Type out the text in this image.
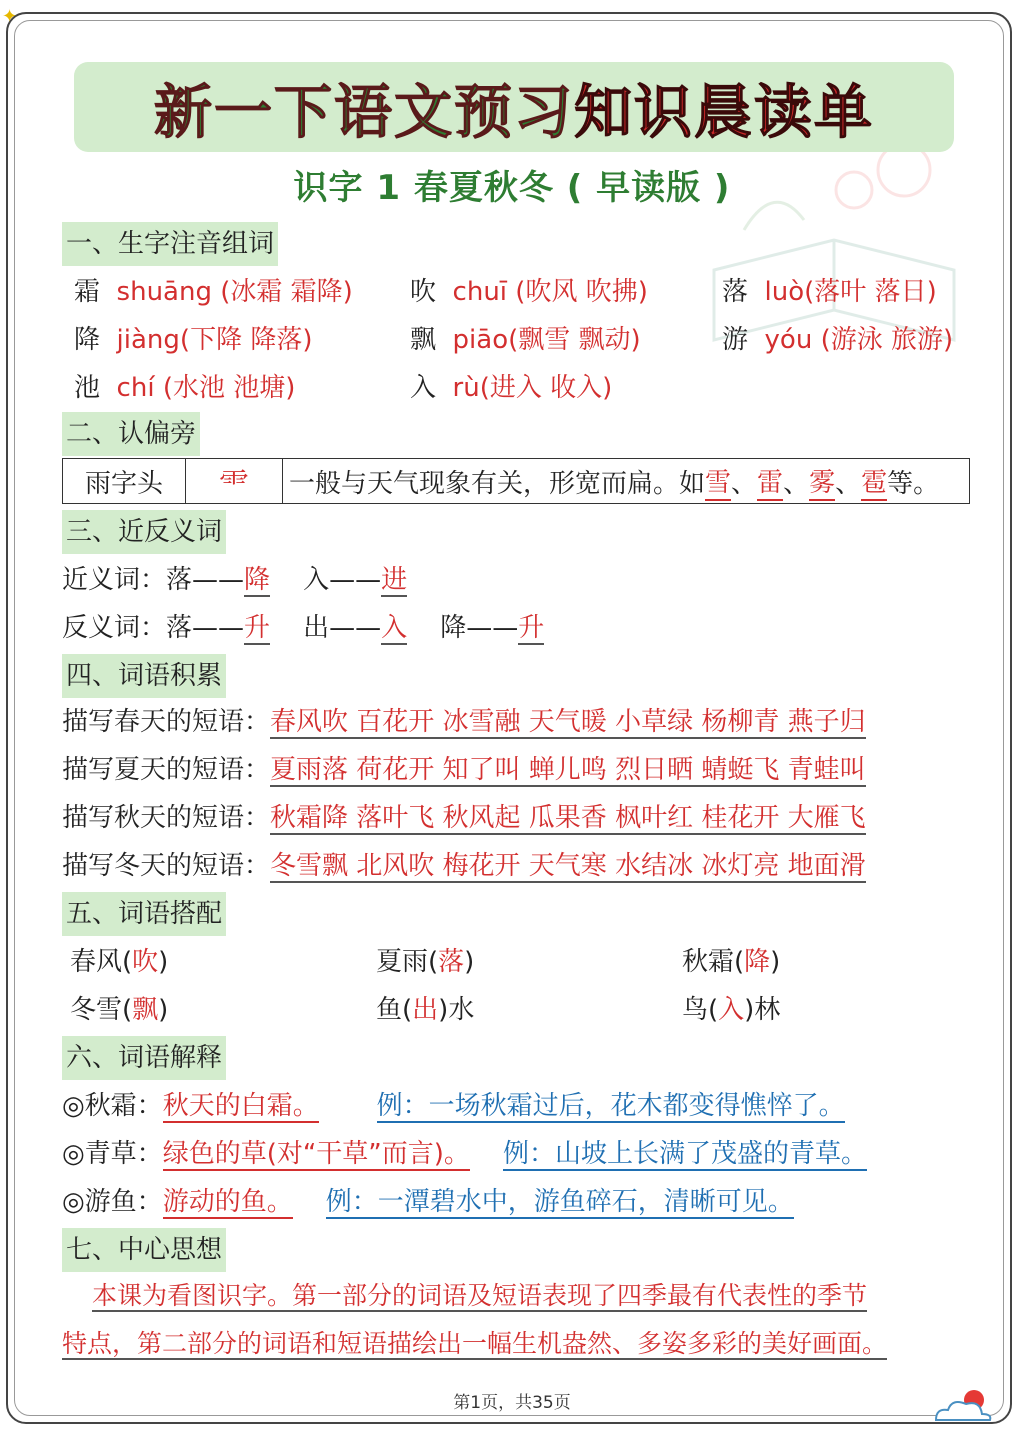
✦
新一下语文预习 知识晨读单
识字 1 春夏秋冬 ( 早读版 )
一、生字注音组词
霜 shuāng (冰霜 霜降) 吹 chuī (吹风 吹拂)	落 luò(落叶 落日)
降 jiàng(下降 降落)	飘 piāo(飘雪 飘动)	游 yóu (游泳 旅游)
池 chí (水池 池塘)	入 rù(进入 收入)
二、认偏旁
雨字头	⻗ 一般与天气现象有关，形宽而扁。如 雪 、 雷 、 雾 、 雹 等。
三、近反义词
近义词：落——降 入——进
反义词：落——升 出——入 降——升
四、词语积累
描写春天的短语：春风吹 百花开 冰雪融 天气暖 小草绿 杨柳青 燕子归
描写夏天的短语：夏雨落 荷花开 知了叫 蝉儿鸣 烈日晒 蜻蜓飞 青蛙叫
描写秋天的短语：秋霜降 落叶飞 秋风起 瓜果香 枫叶红 桂花开 大雁飞
描写冬天的短语：冬雪飘 北风吹 梅花开 天气寒 水结冰 冰灯亮 地面滑
五、词语搭配
春风(吹)	夏雨(落)	秋霜(降)
冬雪(飘)	鱼(出)水	鸟(入)林
六、词语解释
◎秋霜：秋天的白霜。 例：一场秋霜过后，花木都变得憔悴了。
◎青草：绿色的草(对“干草”而言)。 例：山坡上长满了茂盛的青草。
◎游鱼：游动的鱼。 例：一潭碧水中，游鱼碎石，清晰可见。
七、中心思想
本课为看图识字。第一部分的词语及短语表现了四季最有代表性的季节
特点，第二部分的词语和短语描绘出一幅生机盎然、多姿多彩的美好画面。
第1页，共35页
